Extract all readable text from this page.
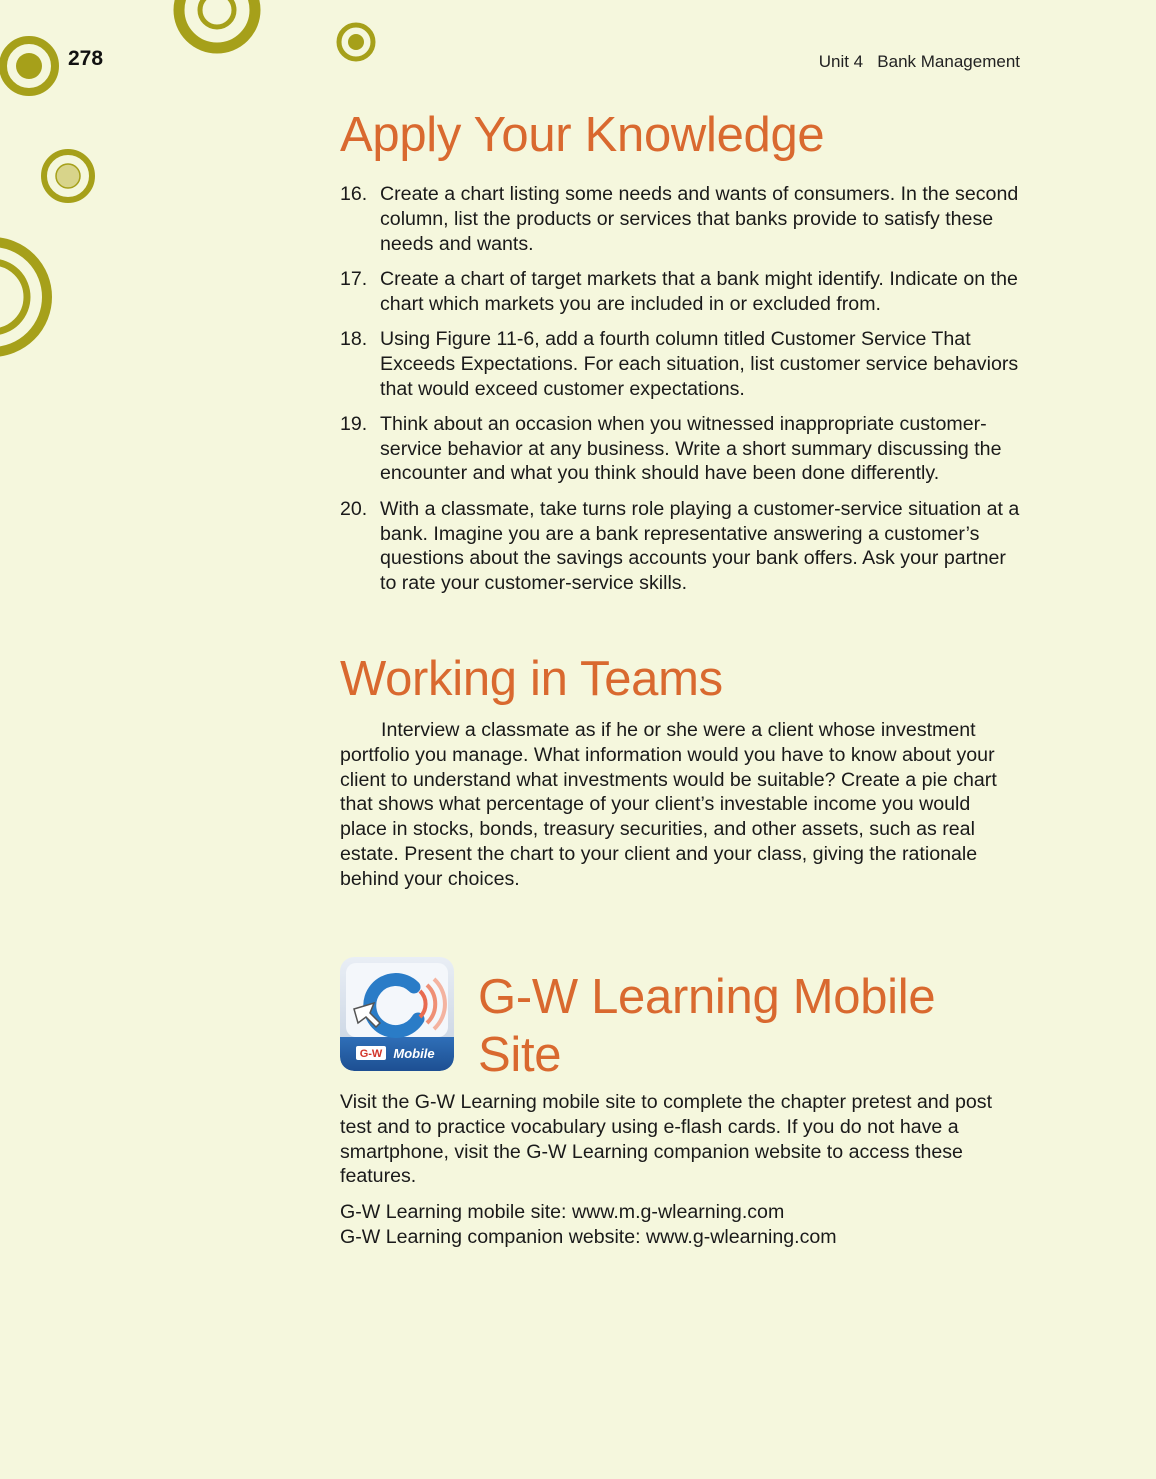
278	Unit 4   Bank Management
Apply Your Knowledge
16. Create a chart listing some needs and wants of consumers. In the second column, list the products or services that banks provide to satisfy these needs and wants.
17. Create a chart of target markets that a bank might identify. Indicate on the chart which markets you are included in or excluded from.
18. Using Figure 11-6, add a fourth column titled Customer Service That Exceeds Expectations. For each situation, list customer service behaviors that would exceed customer expectations.
19. Think about an occasion when you witnessed inappropriate customer-service behavior at any business. Write a short summary discussing the encounter and what you think should have been done differently.
20. With a classmate, take turns role playing a customer-service situation at a bank. Imagine you are a bank representative answering a customer’s questions about the savings accounts your bank offers. Ask your partner to rate your customer-service skills.
Working in Teams

Interview a classmate as if he or she were a client whose investment portfolio you manage. What information would you have to know about your client to understand what investments would be suitable? Create a pie chart that shows what percentage of your client’s investable income you would place in stocks, bonds, treasury securities, and other assets, such as real estate. Present the chart to your client and your class, giving the rationale behind your choices.

G-W Mobile
G-W Learning Mobile Site

Visit the G-W Learning mobile site to complete the chapter pretest and post test and to practice vocabulary using e-flash cards. If you do not have a smartphone, visit the G-W Learning companion website to access these features.

G-W Learning mobile site: www.m.g-wlearning.com
G-W Learning companion website: www.g-wlearning.com
